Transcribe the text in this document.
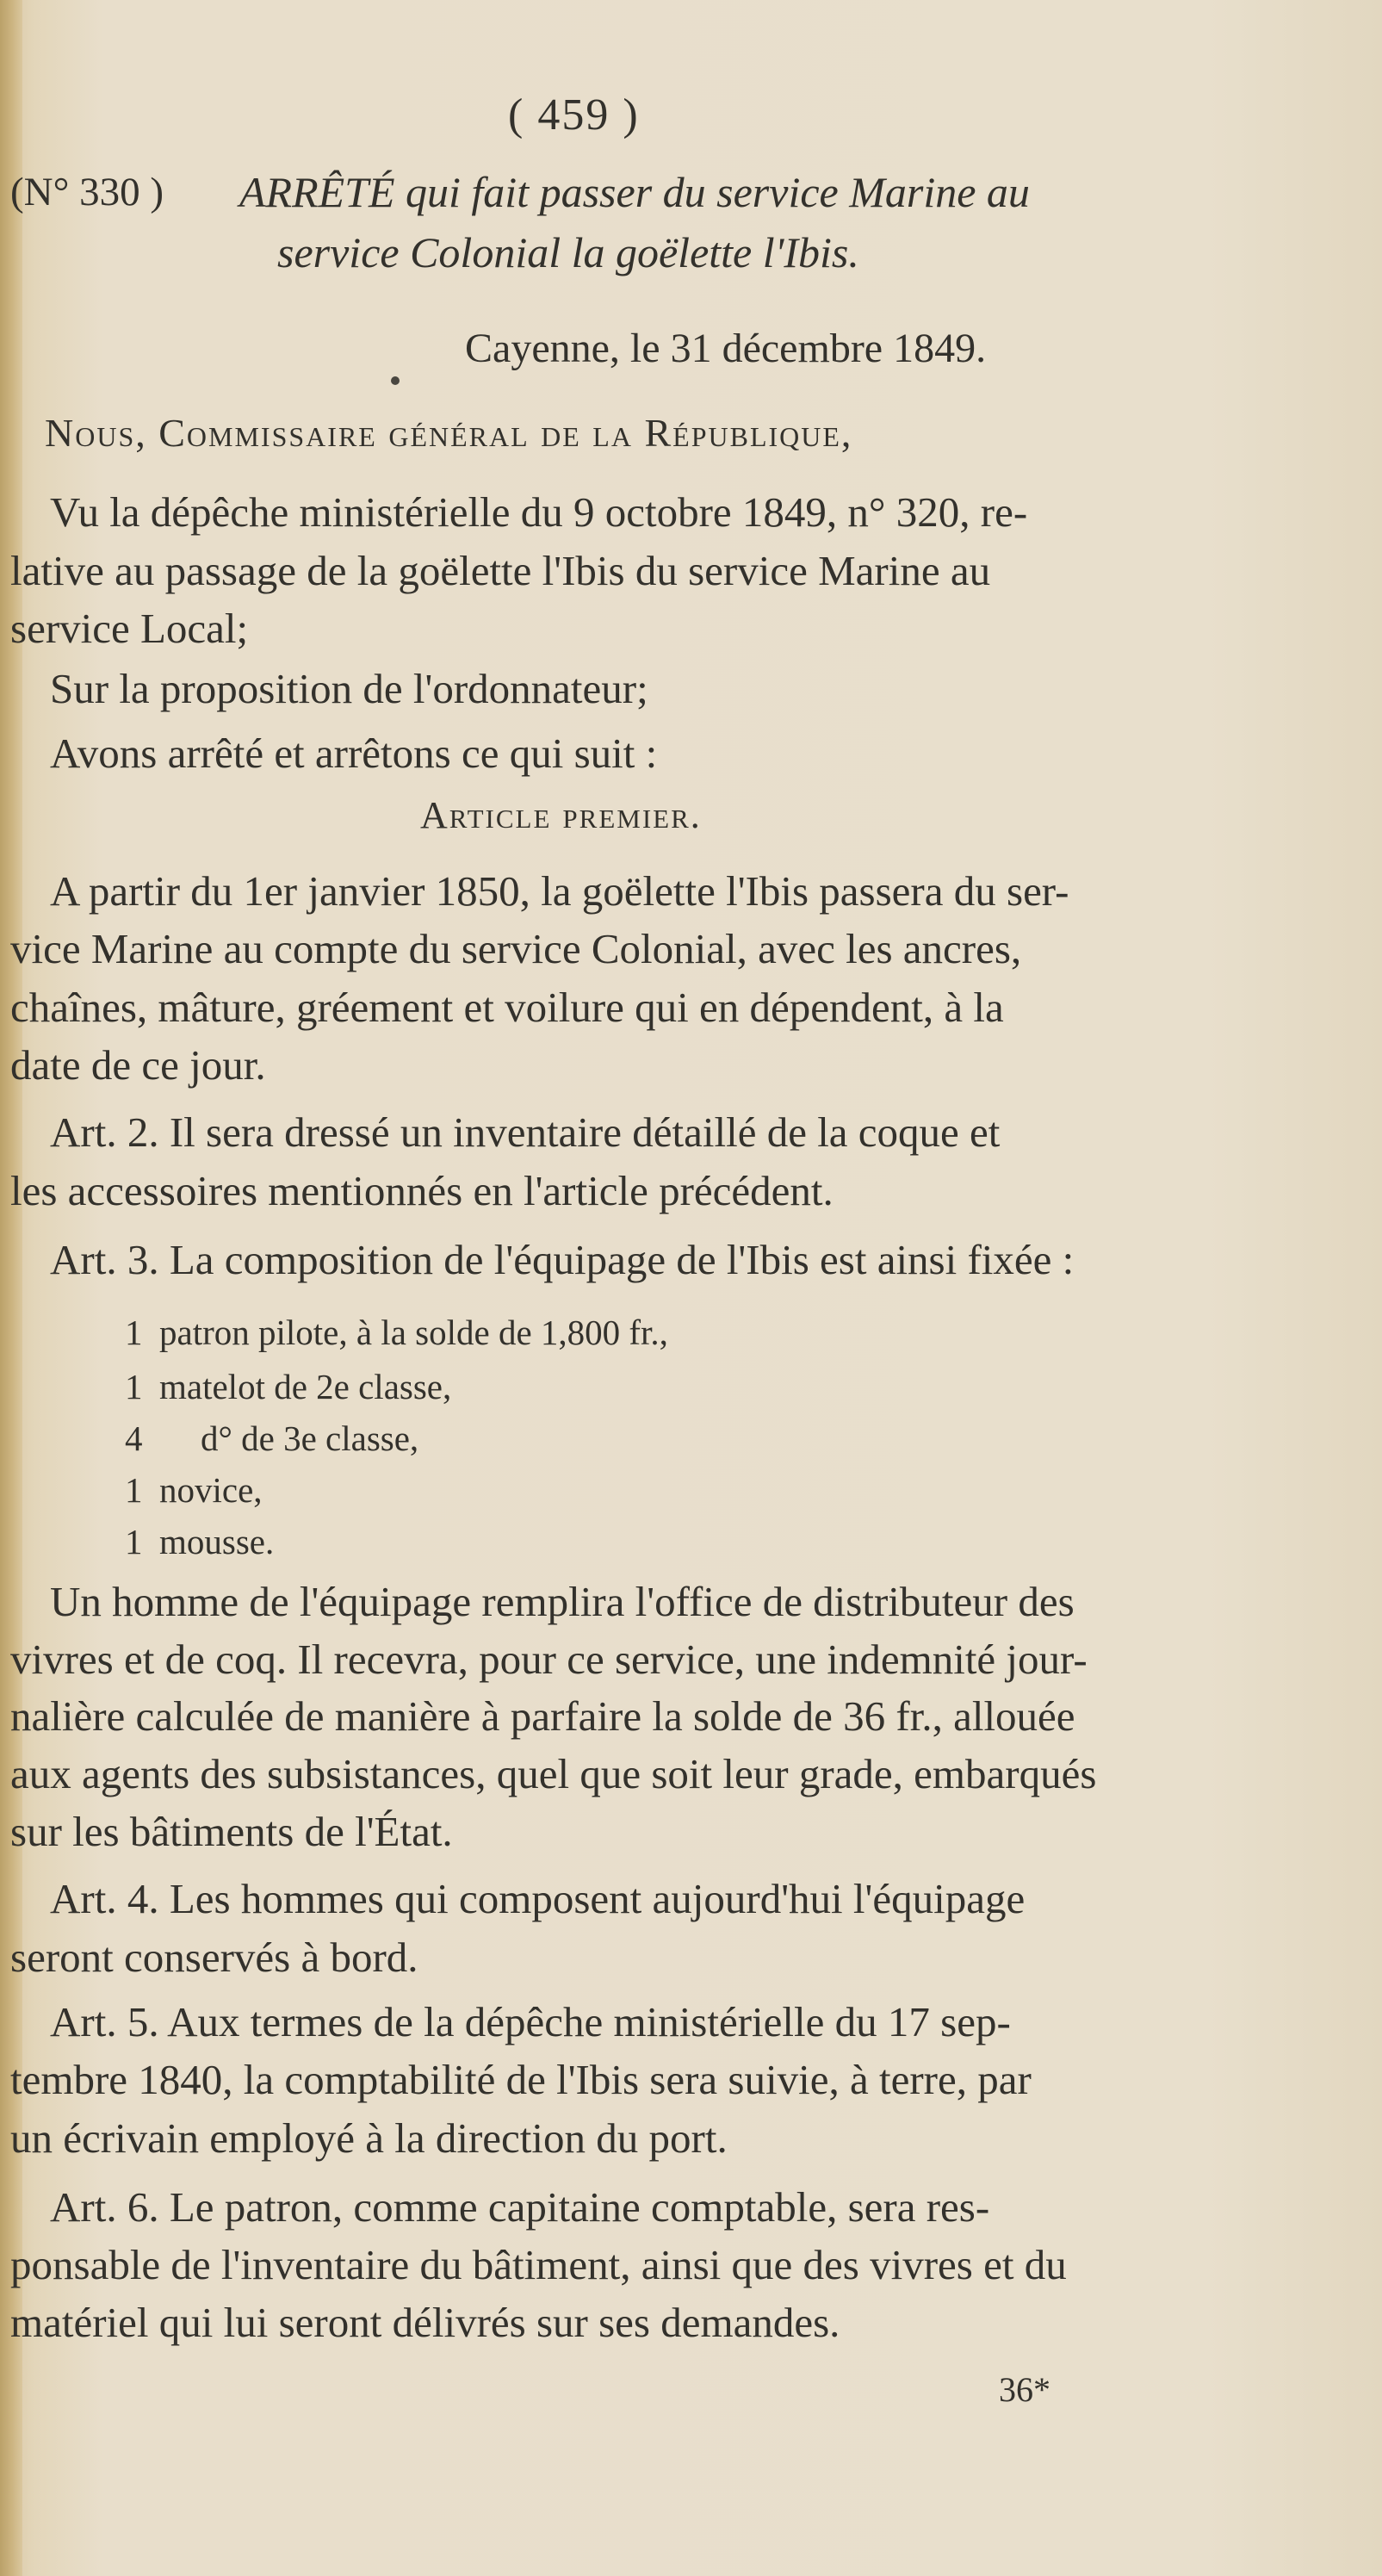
( 459 )
(N° 330 ) ARRÊTÉ qui fait passer du service Marine au
service Colonial la goëlette l'Ibis.
Cayenne, le 31 décembre 1849.
Nous, Commissaire général de la République,
Vu la dépêche ministérielle du 9 octobre 1849, n° 320, re-
lative au passage de la goëlette l'Ibis du service Marine au
service Local;
Sur la proposition de l'ordonnateur;
Avons arrêté et arrêtons ce qui suit :
Article premier.
A partir du 1er janvier 1850, la goëlette l'Ibis passera du ser-
vice Marine au compte du service Colonial, avec les ancres,
chaînes, mâture, gréement et voilure qui en dépendent, à la
date de ce jour.
Art. 2. Il sera dressé un inventaire détaillé de la coque et
les accessoires mentionnés en l'article précédent.
Art. 3. La composition de l'équipage de l'Ibis est ainsi fixée :
1 patron pilote, à la solde de 1,800 fr.,
1 matelot de 2e classe,
4 d° de 3e classe,
1 novice,
1 mousse.
Un homme de l'équipage remplira l'office de distributeur des
vivres et de coq. Il recevra, pour ce service, une indemnité jour-
nalière calculée de manière à parfaire la solde de 36 fr., allouée
aux agents des subsistances, quel que soit leur grade, embarqués
sur les bâtiments de l'État.
Art. 4. Les hommes qui composent aujourd'hui l'équipage
seront conservés à bord.
Art. 5. Aux termes de la dépêche ministérielle du 17 sep-
tembre 1840, la comptabilité de l'Ibis sera suivie, à terre, par
un écrivain employé à la direction du port.
Art. 6. Le patron, comme capitaine comptable, sera res-
ponsable de l'inventaire du bâtiment, ainsi que des vivres et du
matériel qui lui seront délivrés sur ses demandes.
36*
